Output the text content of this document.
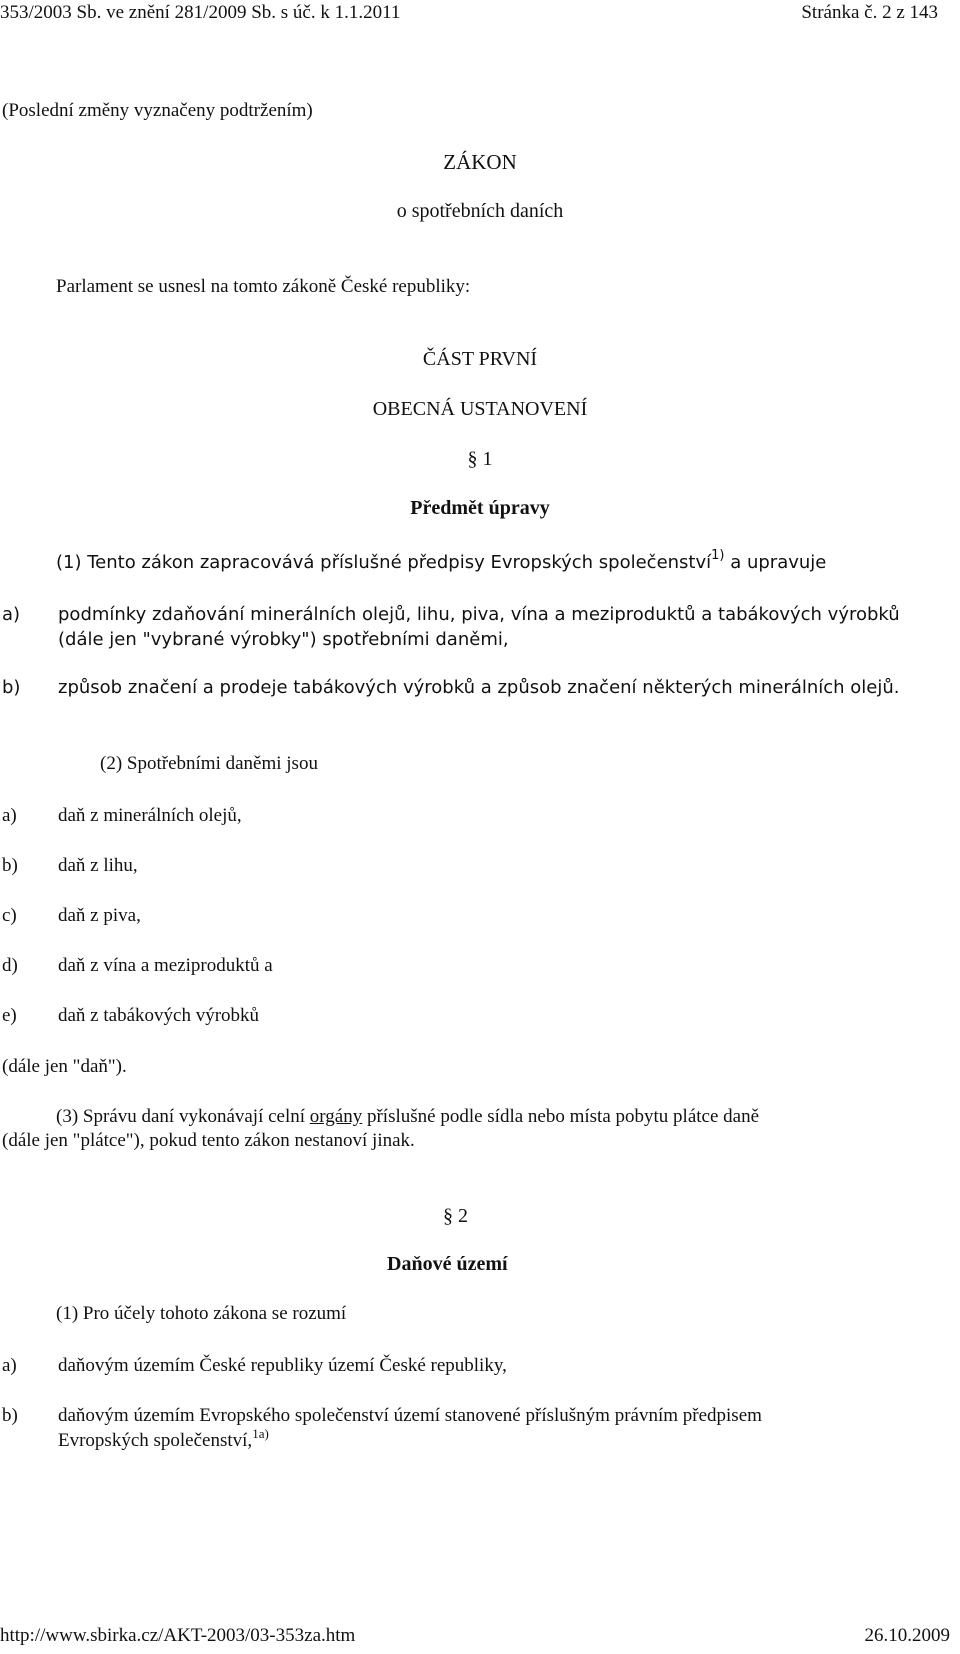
353/2003 Sb. ve znění 281/2009 Sb. s úč. k 1.1.2011	Stránka č. 2 z 143
(Poslední změny vyznačeny podtržením)
ZÁKON
o spotřebních daních
Parlament se usnesl na tomto zákoně České republiky:
ČÁST PRVNÍ
OBECNÁ USTANOVENÍ
§ 1
Předmět úpravy
(1) Tento zákon zapracovává příslušné předpisy Evropských společenství$^{1)}$ a upravuje
a) podmínky zdaňování minerálních olejů, lihu, piva, vína a meziproduktů a tabákových výrobků
(dále jen "vybrané výrobky") spotřebními daněmi,
b) způsob značení a prodeje tabákových výrobků a způsob značení některých minerálních olejů.
(2) Spotřebními daněmi jsou
a) daň z minerálních olejů,
b) daň z lihu,
c) daň z piva,
d) daň z vína a meziproduktů a
e) daň z tabákových výrobků
(dále jen "daň").
(3) Správu daní vykonávají celní orgány příslušné podle sídla nebo místa pobytu plátce daně
(dále jen "plátce"), pokud tento zákon nestanoví jinak.
§ 2
Daňové území
(1) Pro účely tohoto zákona se rozumí
a) daňovým územím České republiky území České republiky,
b) daňovým územím Evropského společenství území stanovené příslušným právním předpisem
Evropských společenství,$^{1a)}$
http://www.sbirka.cz/AKT-2003/03-353za.htm	26.10.2009
